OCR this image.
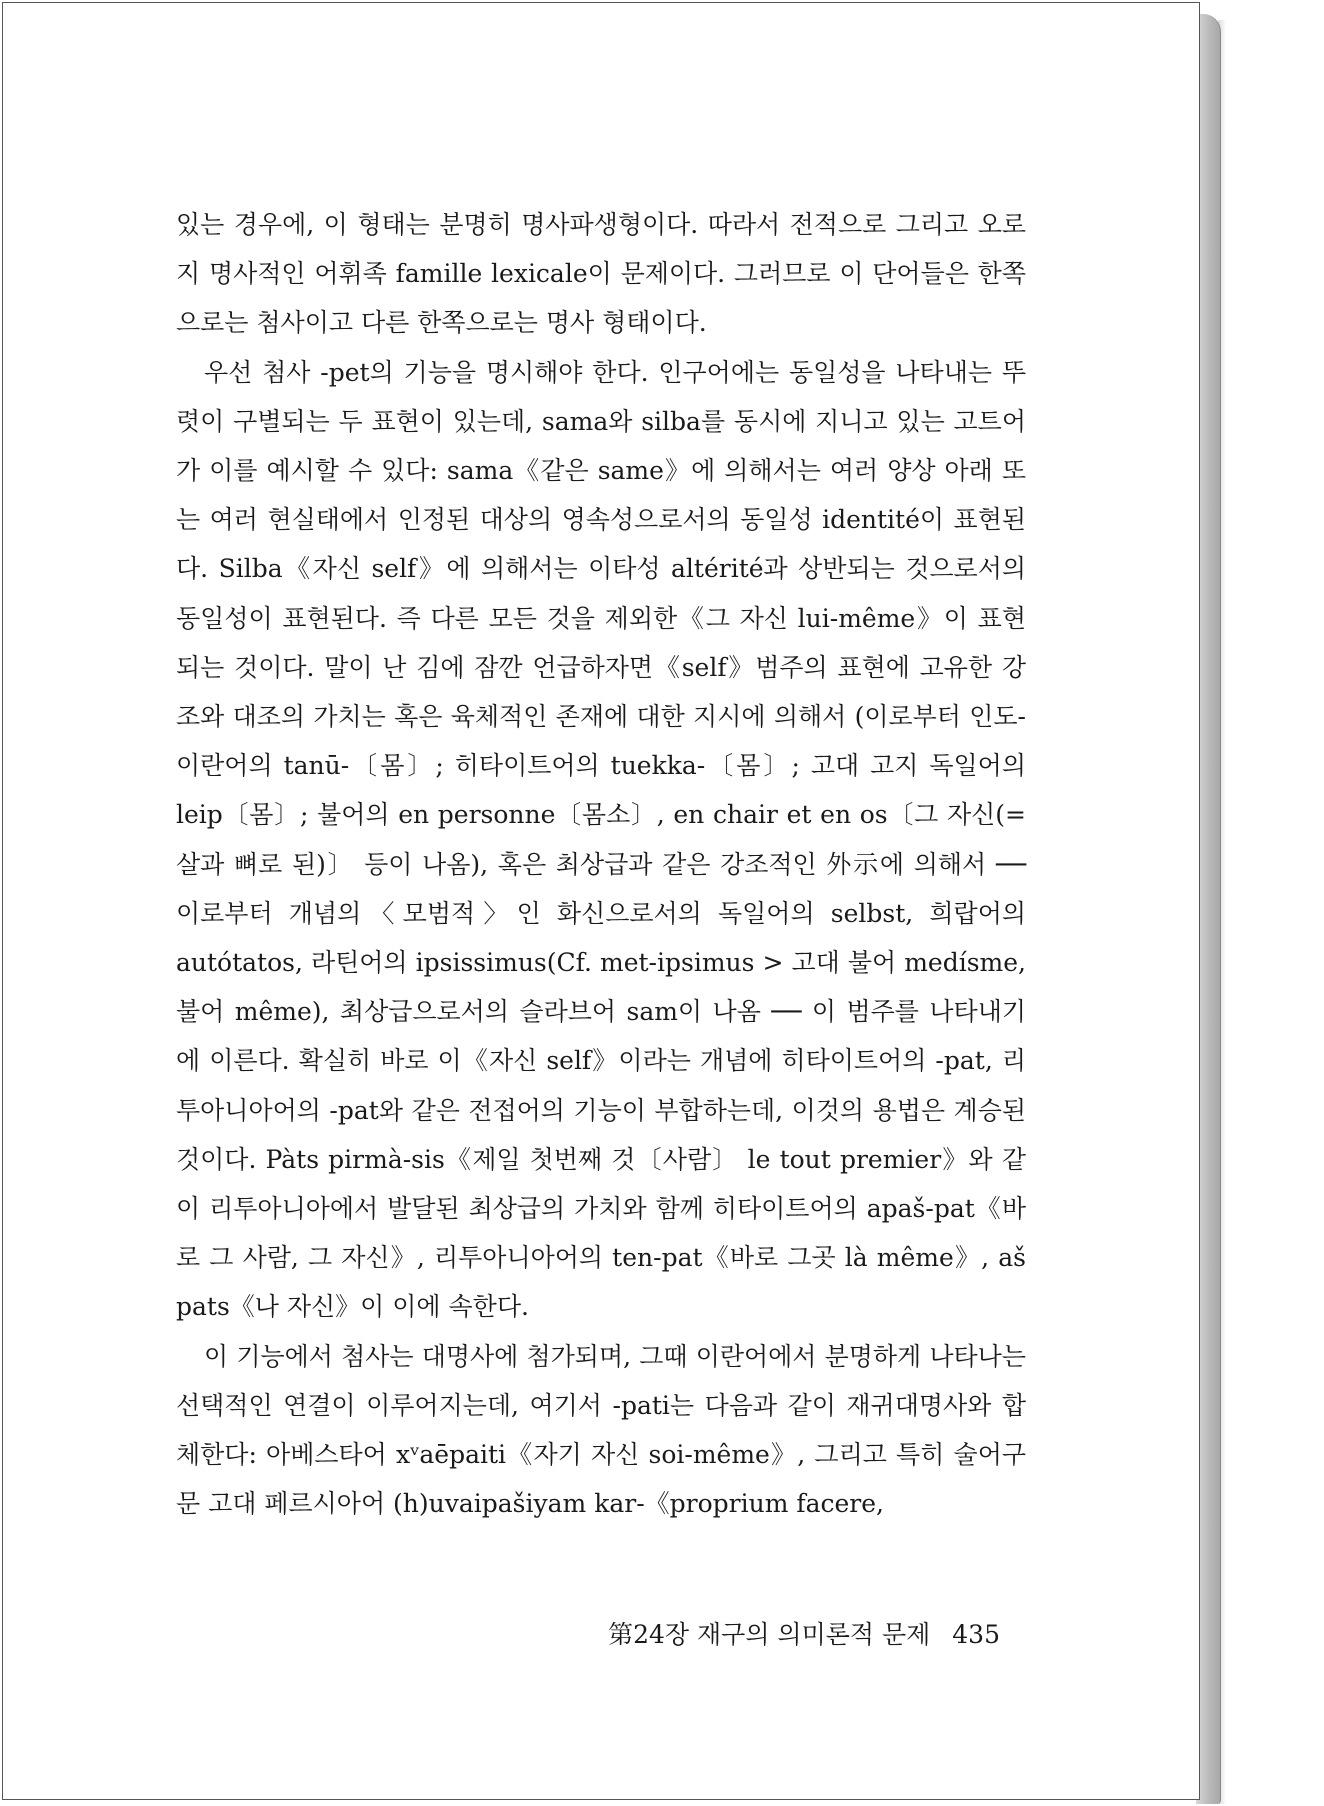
있는 경우에, 이 형태는 분명히 명사파생형이다. 따라서 전적으로 그리고 오로지 명사적인 어휘족 famille lexicale이 문제이다. 그러므로 이 단어들은 한쪽으로는 첨사이고 다른 한쪽으로는 명사 형태이다.

우선 첨사 -pet의 기능을 명시해야 한다. 인구어에는 동일성을 나타내는 뚜렷이 구별되는 두 표현이 있는데, sama와 silba를 동시에 지니고 있는 고트어가 이를 예시할 수 있다: sama《같은 same》에 의해서는 여러 양상 아래 또는 여러 현실태에서 인정된 대상의 영속성으로서의 동일성 identité이 표현된다. Silba《자신 self》에 의해서는 이타성 altérité과 상반되는 것으로서의 동일성이 표현된다. 즉 다른 모든 것을 제외한《그 자신 lui-même》이 표현되는 것이다. 말이 난 김에 잠깐 언급하자면《self》범주의 표현에 고유한 강조와 대조의 가치는 혹은 육체적인 존재에 대한 지시에 의해서 (이로부터 인도-이란어의 tanū-〔몸〕; 히타이트어의 tuekka-〔몸〕; 고대 고지 독일어의 leip〔몸〕; 불어의 en personne〔몸소〕, en chair et en os〔그 자신(=살과 뼈로 된)〕 등이 나옴), 혹은 최상급과 같은 강조적인 外示에 의해서 ── 이로부터 개념의〈모범적〉인 화신으로서의 독일어의 selbst, 희랍어의 autótatos, 라틴어의 ipsissimus(Cf. met-ipsimus > 고대 불어 medísme, 불어 même), 최상급으로서의 슬라브어 sam이 나옴 ── 이 범주를 나타내기에 이른다. 확실히 바로 이《자신 self》이라는 개념에 히타이트어의 -pat, 리투아니아어의 -pat와 같은 전접어의 기능이 부합하는데, 이것의 용법은 계승된 것이다. Pàts pirmà-sis《제일 첫번째 것〔사람〕 le tout premier》와 같이 리투아니아에서 발달된 최상급의 가치와 함께 히타이트어의 apaš-pat《바로 그 사람, 그 자신》, 리투아니아어의 ten-pat《바로 그곳 là même》, aš pats《나 자신》이 이에 속한다.

이 기능에서 첨사는 대명사에 첨가되며, 그때 이란어에서 분명하게 나타나는 선택적인 연결이 이루어지는데, 여기서 -pati는 다음과 같이 재귀대명사와 합체한다: 아베스타어 xᵛaēpaiti《자기 자신 soi-même》, 그리고 특히 술어구문 고대 페르시아어 (h)uvaipašiyam kar-《proprium facere,

第24장 재구의 의미론적 문제 435
